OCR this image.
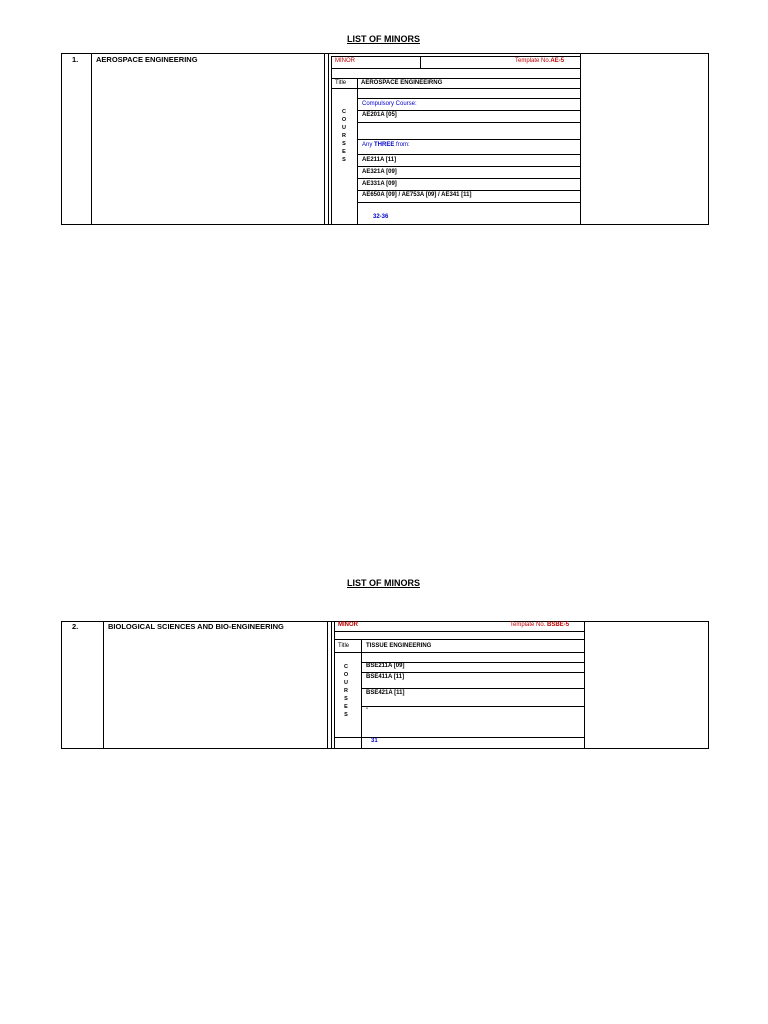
LIST OF MINORS
1. AEROSPACE ENGINEERING	MINOR	Template No.AE-5
Title AEROSPACE ENGINEEIRNG
C
O
U
R
S
E
S
Compulsory Course:
AE201A [05]
Any THREE from:
AE211A [11]
AE321A [09]
AE331A [09]
AE650A [09] / AE753A [09] / AE341 [11]
32-36
LIST OF MINORS
2.	BIOLOGICAL SCIENCES AND BIO-ENGINEERING	MINOR	Template No. BSBE-5
Title	TISSUE ENGINEERING
C
O
U
R
S
E
S
BSE211A [09]
BSE411A [11]
BSE421A [11]
-
31
